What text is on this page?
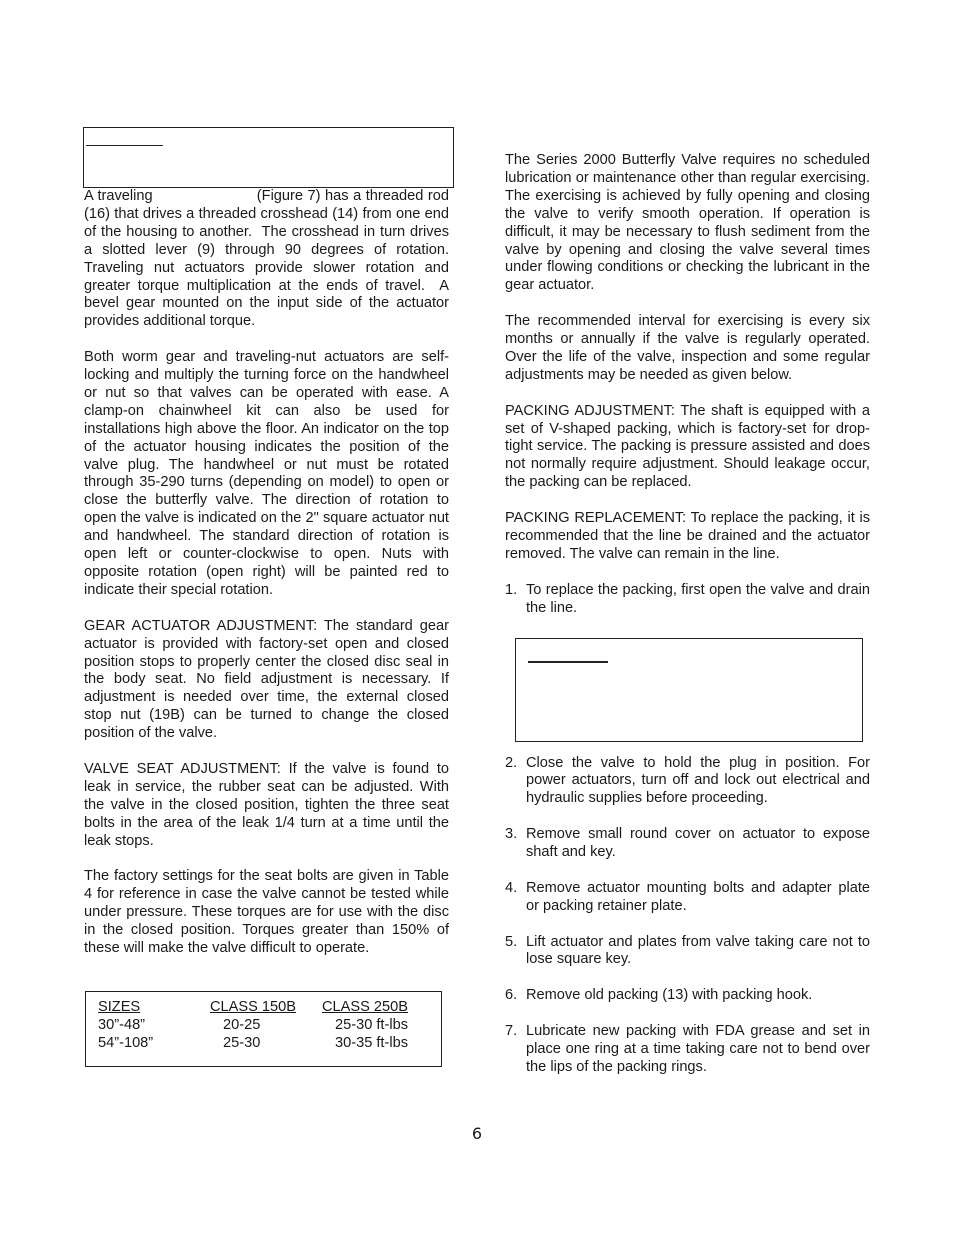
A traveling                       (Figure 7) has a threaded rod (16) that drives a threaded crosshead (14) from one end of the housing to another.  The crosshead in turn drives a slotted lever (9) through 90 degrees of rotation.  Traveling nut actuators provide slower rotation and greater torque multiplication at the ends of travel.  A bevel gear mounted on the input side of the actuator provides additional torque.

Both worm gear and traveling-nut actuators are self-locking and multiply the turning force on the handwheel or nut so that valves can be operated with ease. A clamp-on chainwheel kit can also be used for installations high above the floor. An indicator on the top of the actuator housing indicates the position of the valve plug. The handwheel or nut must be rotated through 35-290 turns (depending on model) to open or close the butterfly valve. The direction of rotation to open the valve is indicated on the 2" square actuator nut and handwheel. The standard direction of rotation is open left or counter-clockwise to open. Nuts with opposite rotation (open right) will be painted red to indicate their special rotation.

GEAR ACTUATOR ADJUSTMENT: The standard gear actuator is provided with factory-set open and closed position stops to properly center the closed disc seal in the body seat. No field adjustment is necessary. If adjustment is needed over time, the external closed stop nut (19B) can be turned to change the closed position of the valve.

VALVE SEAT ADJUSTMENT: If the valve is found to leak in service, the rubber seat can be adjusted. With the valve in the closed position, tighten the three seat bolts in the area of the leak 1/4 turn at a time until the leak stops.

The factory settings for the seat bolts are given in Table 4 for reference in case the valve cannot be tested while under pressure. These torques are for use with the disc in the closed position. Torques greater than 150% of these will make the valve difficult to operate.

SIZES	CLASS 150B CLASS 250B
30”-48”	20-25	25-30 ft-lbs
54”-108”	25-30	30-35 ft-lbs

The Series 2000 Butterfly Valve requires no scheduled lubrication or maintenance other than regular exercising. The exercising is achieved by fully opening and closing the valve to verify smooth operation. If operation is difficult, it may be necessary to flush sediment from the valve by opening and closing the valve several times under flowing conditions or checking the lubricant in the gear actuator.

The recommended interval for exercising is every six months or annually if the valve is regularly operated. Over the life of the valve, inspection and some regular adjustments may be needed as given below.

PACKING ADJUSTMENT: The shaft is equipped with a set of V-shaped packing, which is factory-set for drop-tight service. The packing is pressure assisted and does not normally require adjustment. Should leakage occur, the packing can be replaced.

PACKING REPLACEMENT: To replace the packing, it is recommended that the line be drained and the actuator removed. The valve can remain in the line.

1. To replace the packing, first open the valve and drain the line.
2. Close the valve to hold the plug in position. For power actuators, turn off and lock out electrical and hydraulic supplies before proceeding.
3. Remove small round cover on actuator to expose shaft and key.
4. Remove actuator mounting bolts and adapter plate or packing retainer plate.
5. Lift actuator and plates from valve taking care not to lose square key.
6. Remove old packing (13) with packing hook.
7. Lubricate new packing with FDA grease and set in place one ring at a time taking care not to bend over the lips of the packing rings.
6
